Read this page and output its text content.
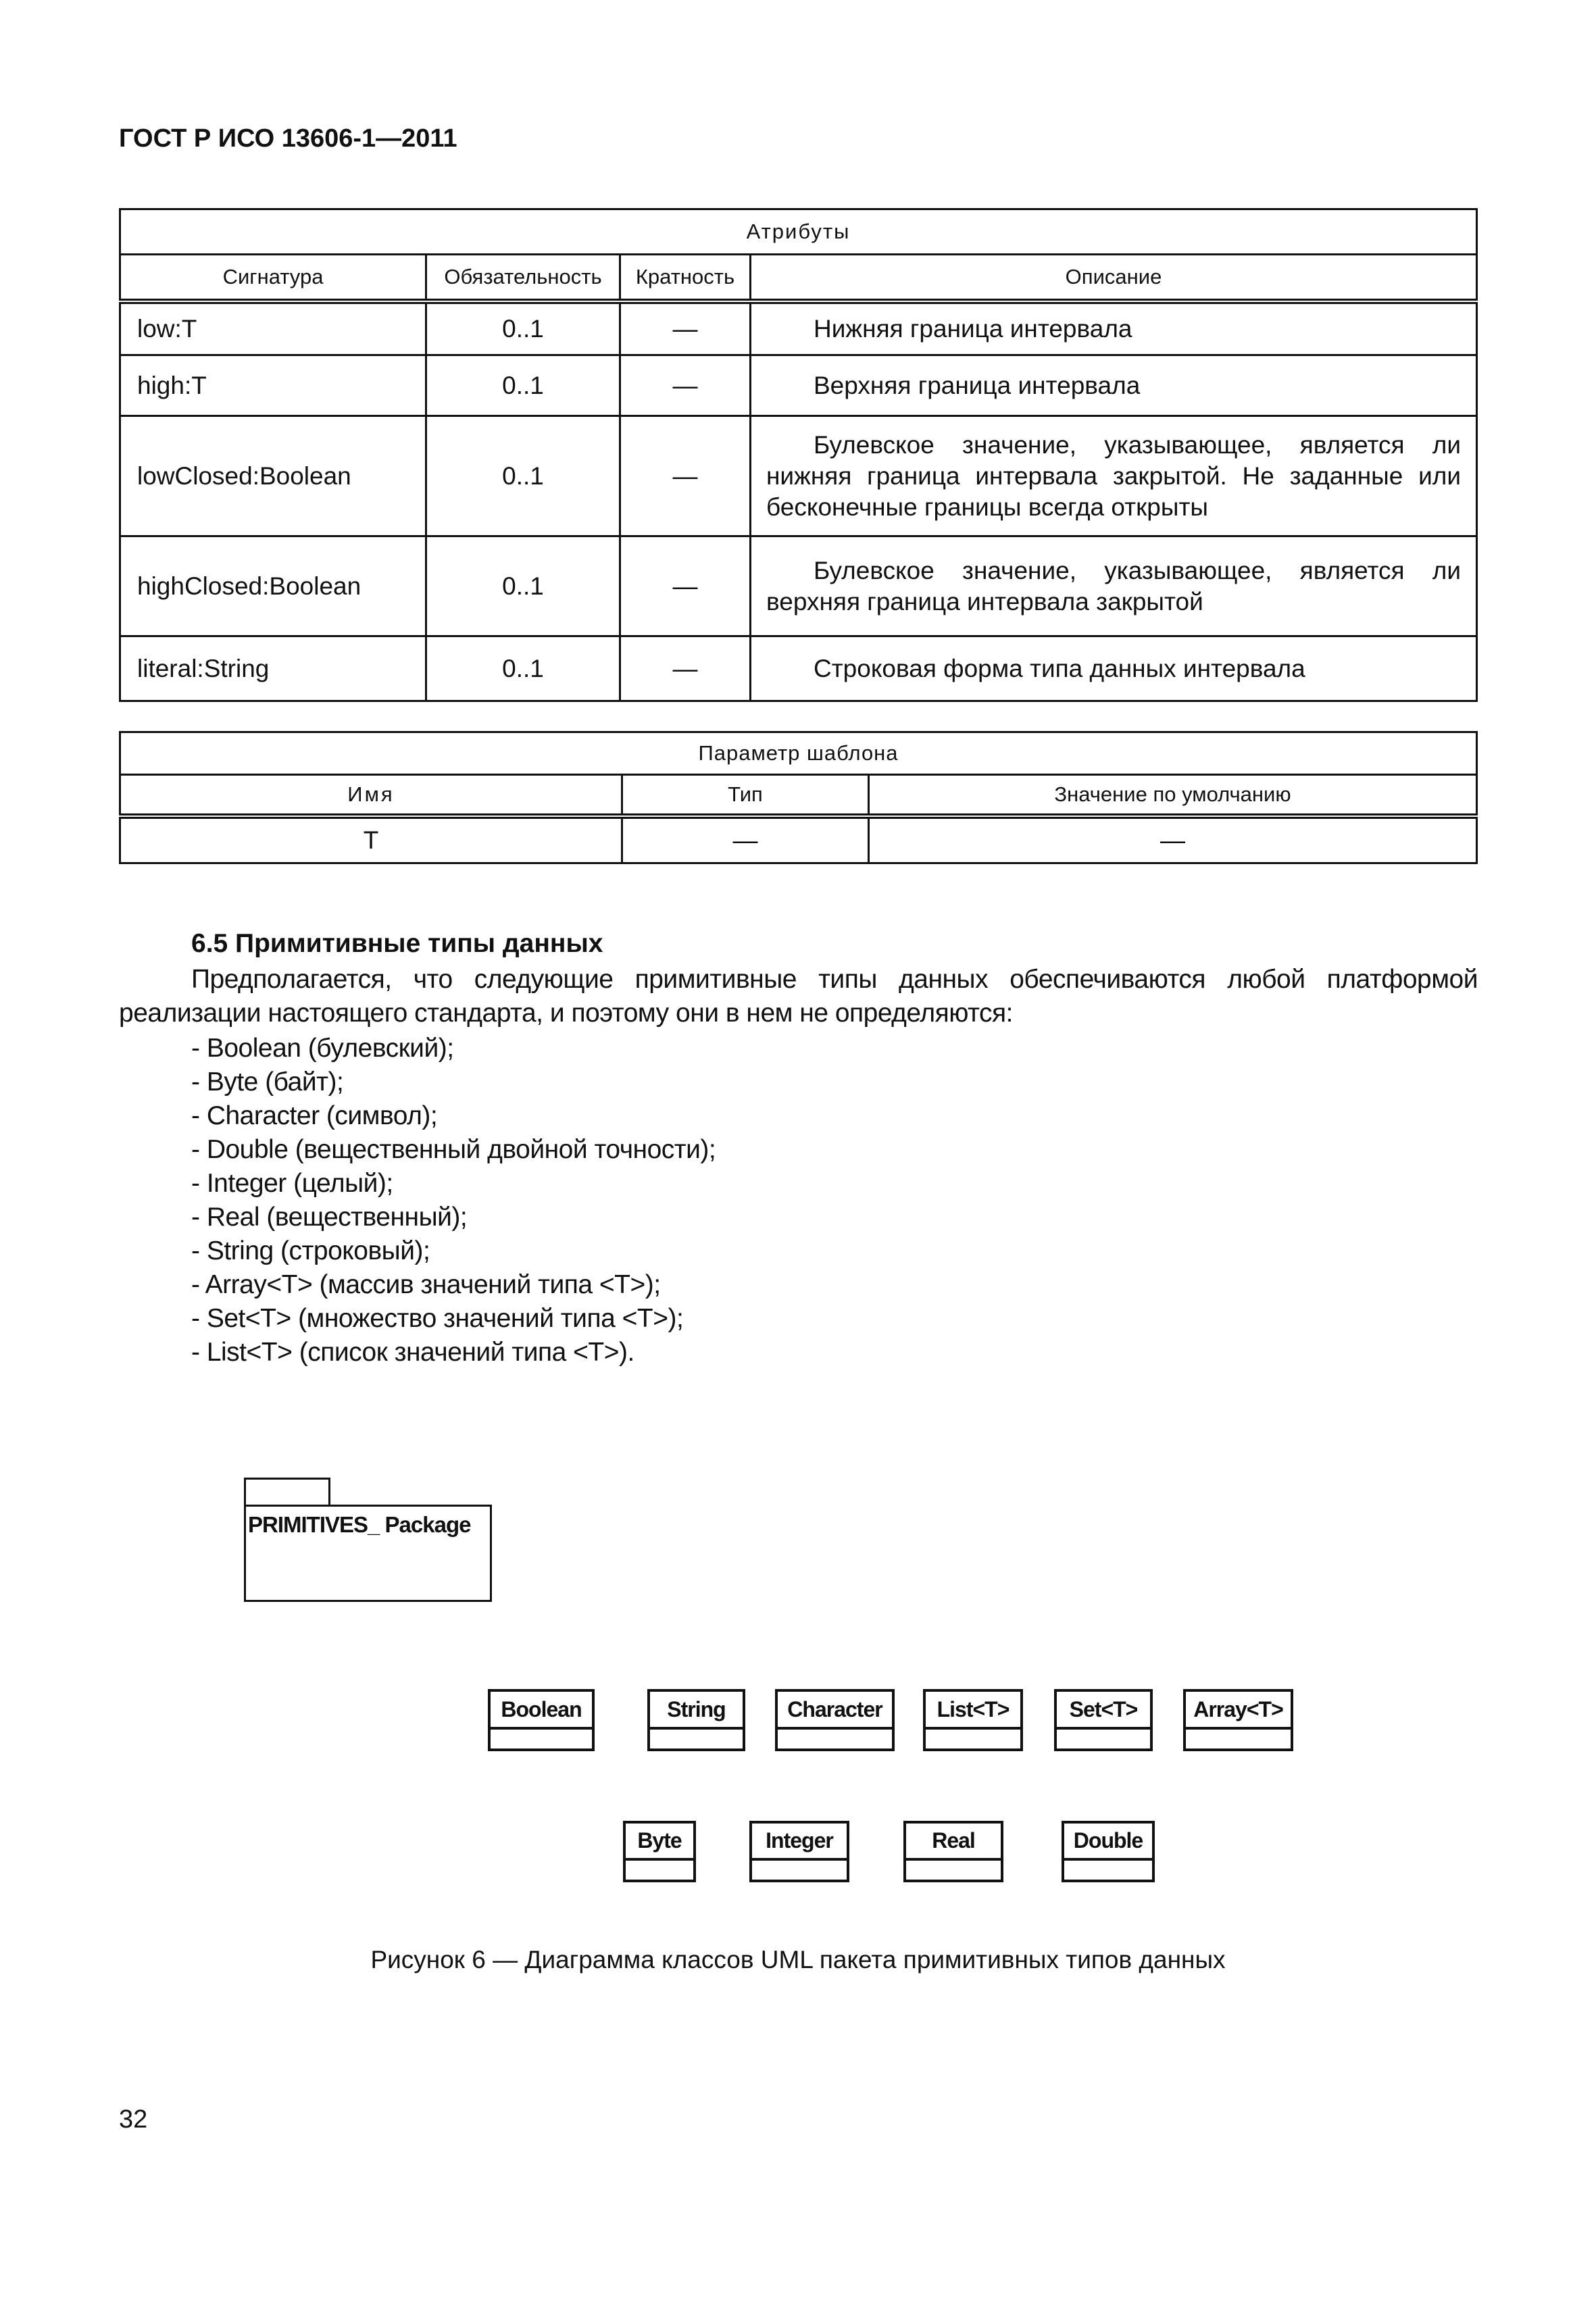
ГОСТ Р ИСО 13606-1—2011
Атрибуты			
Сигнатура	Обязательность	Кратность	Описание
low:T	0..1	—	Нижняя граница интервала
high:T	0..1	—	Верхняя граница интервала
lowClosed:Boolean	0..1	—	Булевское значение, указывающее, является ли нижняя граница интервала закрытой. Не заданные или бесконечные границы всегда открыты
highClosed:Boolean	0..1	—	Булевское значение, указывающее, является ли верхняя граница интервала закрытой
literal:String	0..1	—	Строковая форма типа данных интервала
Параметр шаблона		
Имя	Тип	Значение по умолчанию
T	—	—
6.5 Примитивные типы данных
Предполагается, что следующие примитивные типы данных обеспечиваются любой платформой реализации настоящего стандарта, и поэтому они в нем не определяются:
- Boolean (булевский);
- Byte (байт);
- Character (символ);
- Double (вещественный двойной точности);
- Integer (целый);
- Real (вещественный);
- String (строковый);
- Array<T> (массив значений типа <T>);
- Set<T> (множество значений типа <T>);
- List<T> (список значений типа <T>).
PRIMITIVES_ Package
Boolean	String	Character	List<T>	Set<T>	Array<T>
Byte	Integer	Real	Double
Рисунок 6 — Диаграмма классов UML пакета примитивных типов данных
32
